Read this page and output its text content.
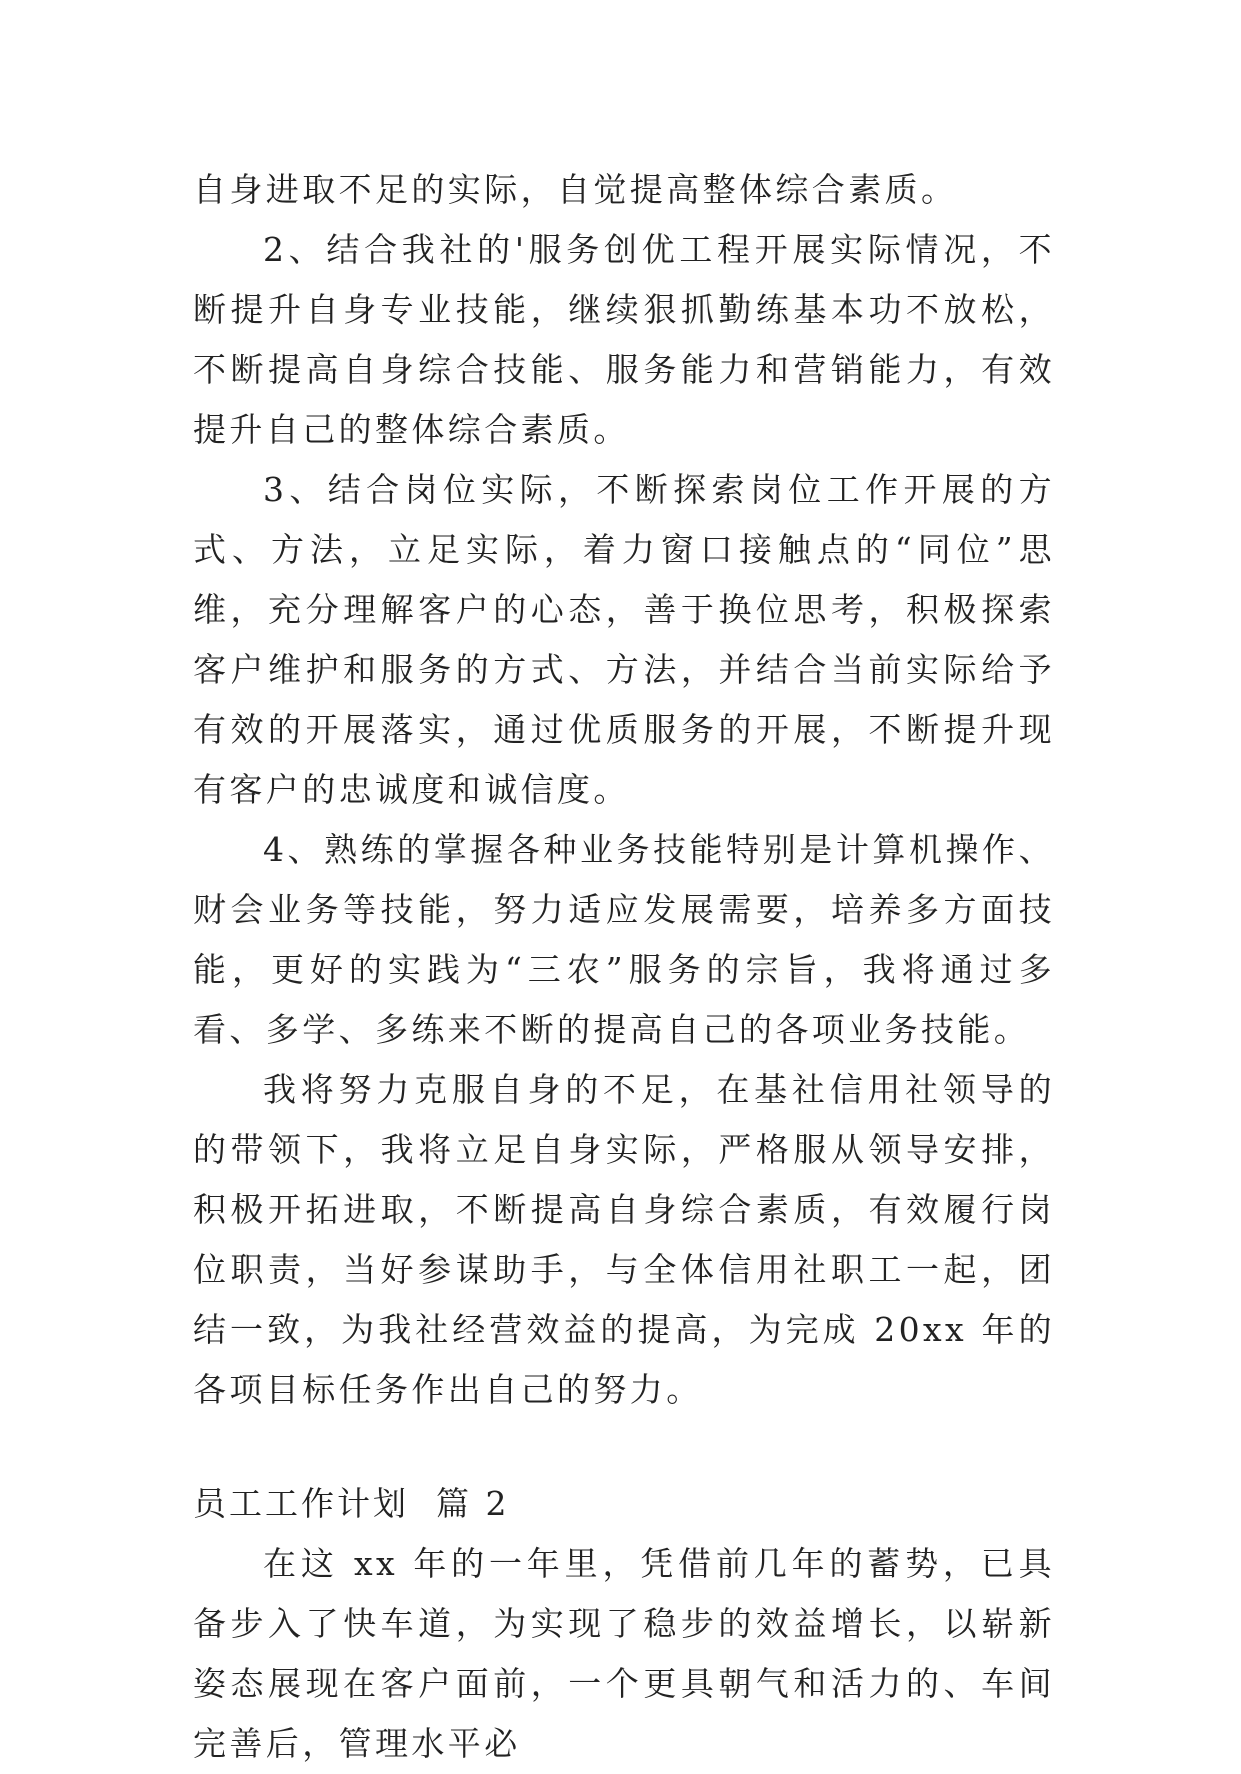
自身进取不足的实际，自觉提高整体综合素质。

2、结合我社的'服务创优工程开展实际情况，不断提升自身专业技能，继续狠抓勤练基本功不放松，不断提高自身综合技能、服务能力和营销能力，有效提升自己的整体综合素质。

3、结合岗位实际，不断探索岗位工作开展的方式、方法，立足实际，着力窗口接触点的“同位”思维，充分理解客户的心态，善于换位思考，积极探索客户维护和服务的方式、方法，并结合当前实际给予有效的开展落实，通过优质服务的开展，不断提升现有客户的忠诚度和诚信度。

4、熟练的掌握各种业务技能特别是计算机操作、财会业务等技能，努力适应发展需要，培养多方面技能，更好的实践为“三农”服务的宗旨，我将通过多看、多学、多练来不断的提高自己的各项业务技能。

我将努力克服自身的不足，在基社信用社领导的的带领下，我将立足自身实际，严格服从领导安排，积极开拓进取，不断提高自身综合素质，有效履行岗位职责，当好参谋助手，与全体信用社职工一起，团结一致，为我社经营效益的提高，为完成 20xx 年的各项目标任务作出自己的努力。

员工工作计划  篇 2

在这 xx 年的一年里，凭借前几年的蓄势，已具备步入了快车道，为实现了稳步的效益增长，以崭新姿态展现在客户面前，一个更具朝气和活力的、车间完善后，管理水平必
